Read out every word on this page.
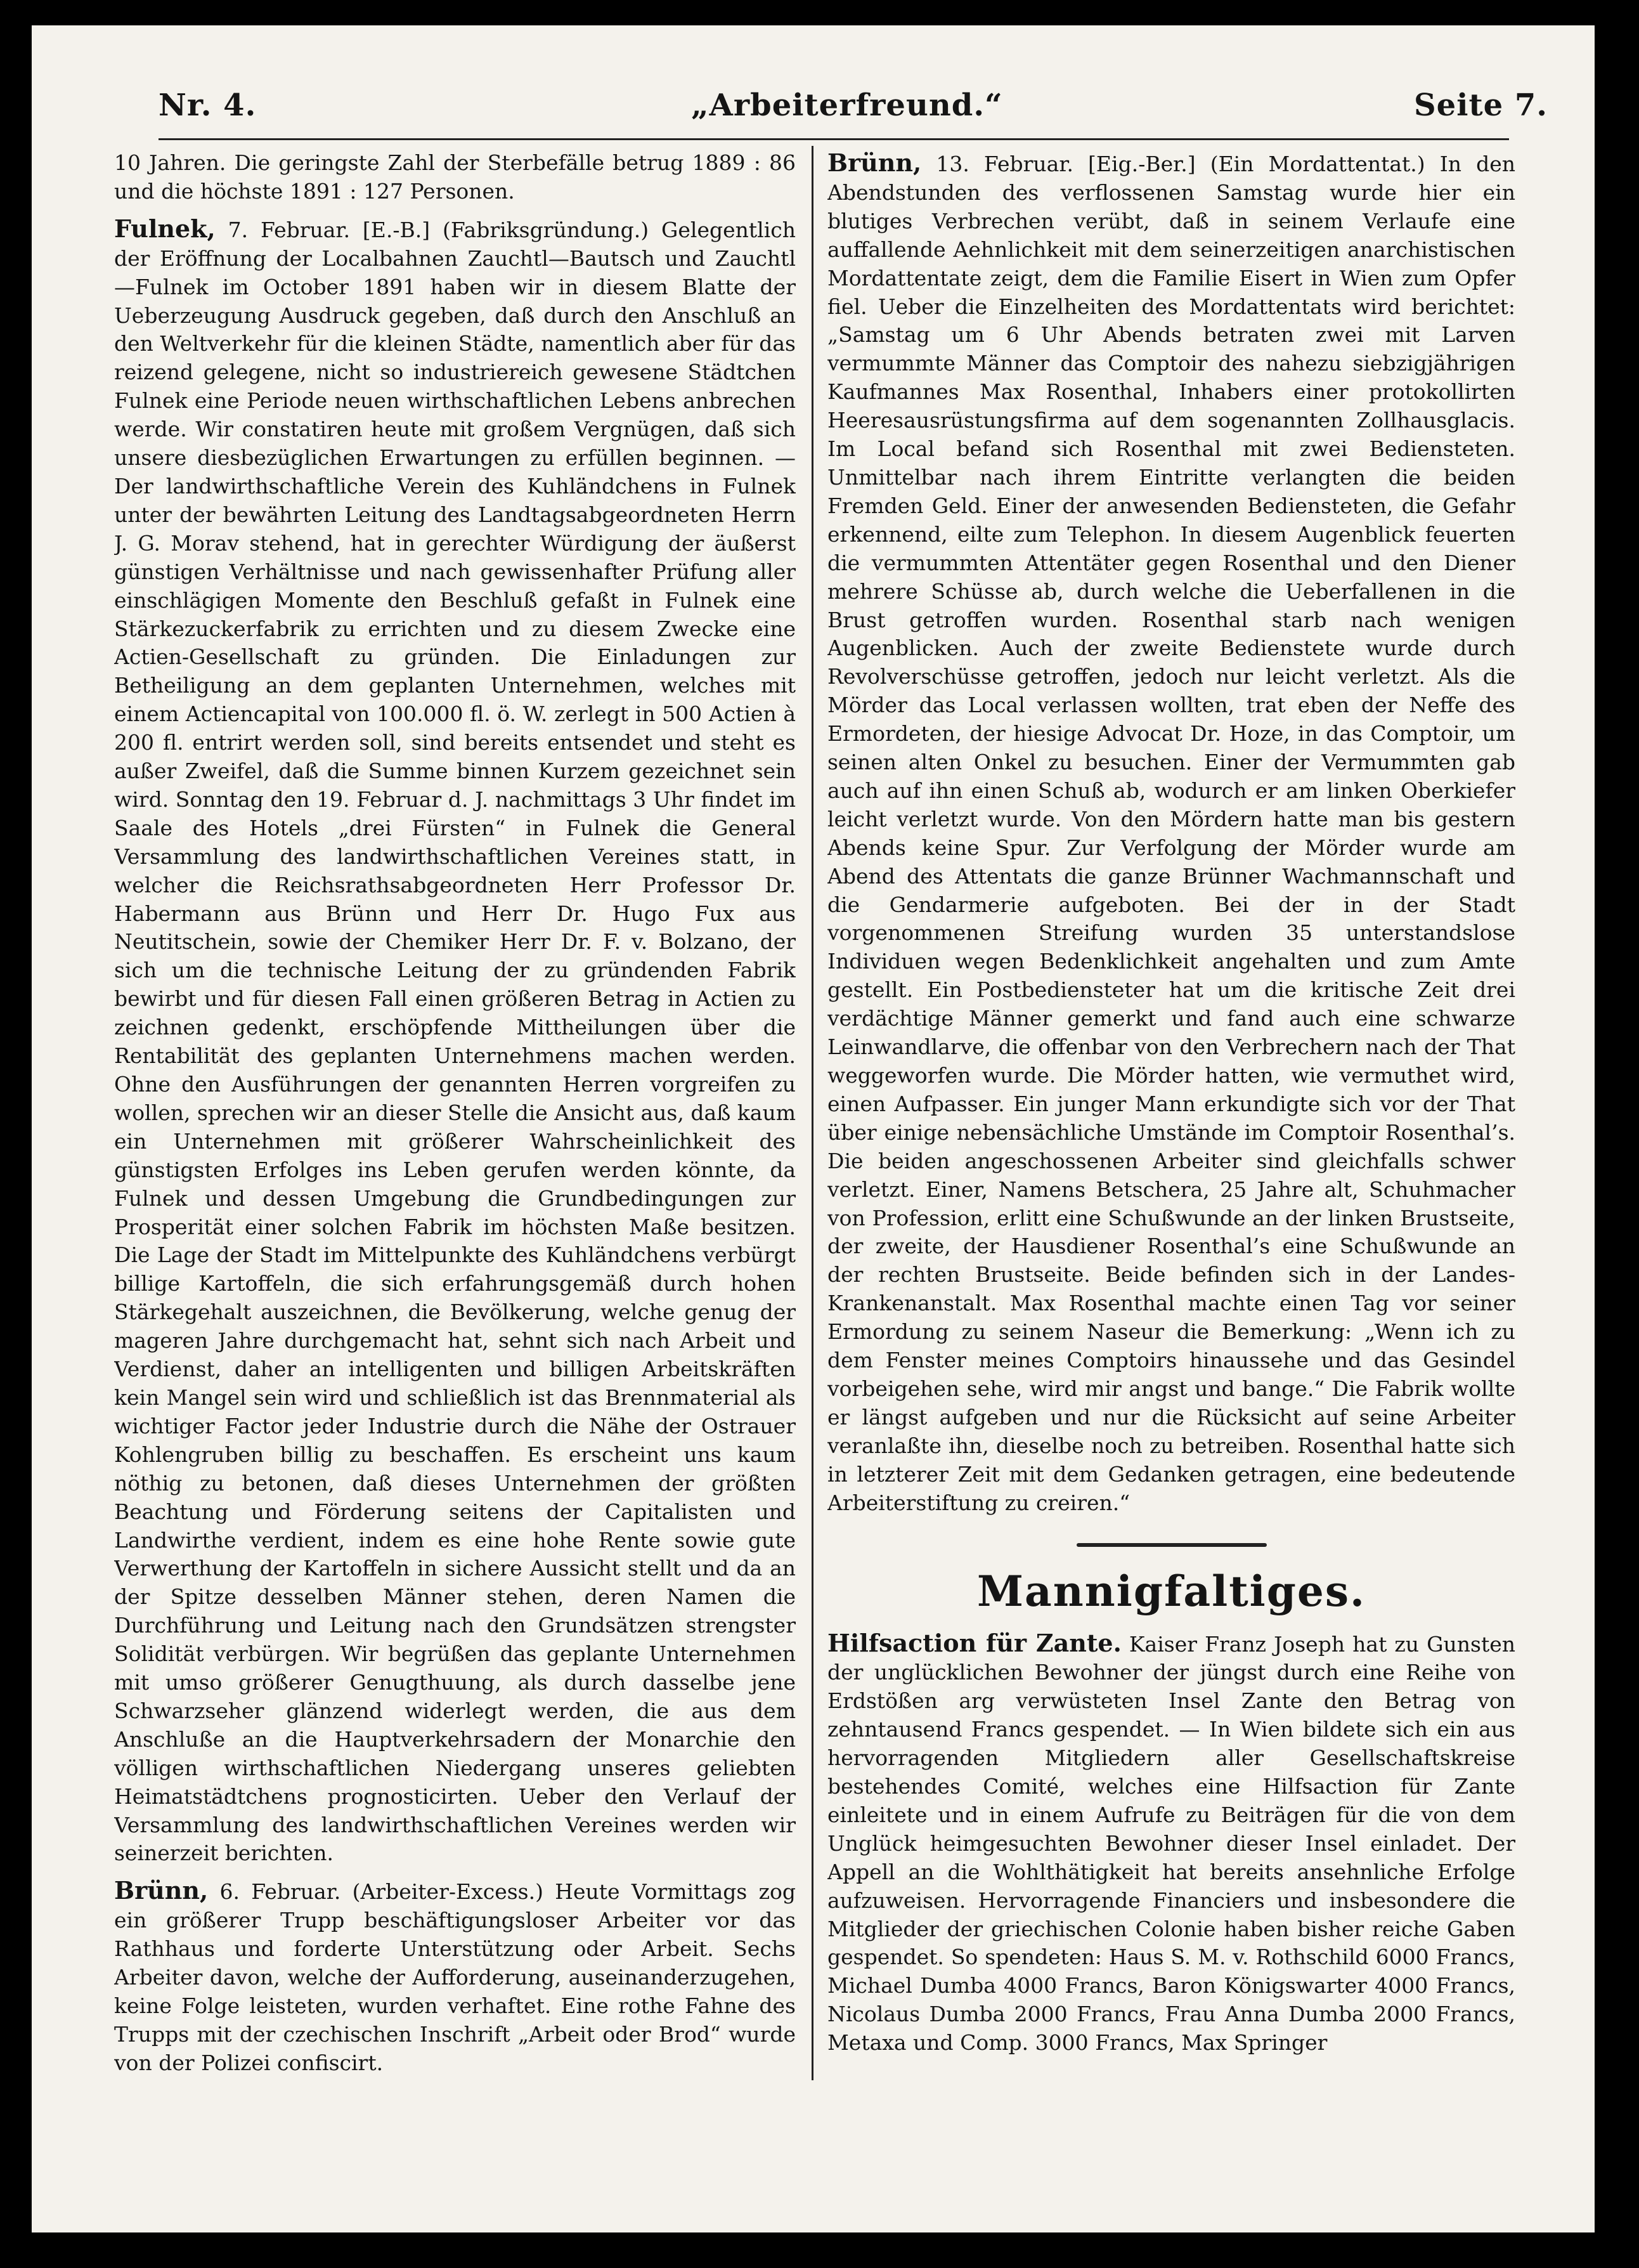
Nr. 4.	„Arbeiterfreund.“	Seite 7.

10 Jahren. Die geringste Zahl der Sterbefälle betrug 1889 : 86 und die höchste 1891 : 127 Personen.

Fulnek, 7. Februar. [E.-B.] (Fabriksgründung.) Gelegentlich der Eröffnung der Localbahnen Zauchtl—Bautsch und Zauchtl—Fulnek im October 1891 haben wir in diesem Blatte der Ueberzeugung Ausdruck gegeben, daß durch den Anschluß an den Weltverkehr für die kleinen Städte, namentlich aber für das reizend gelegene, nicht so industriereich gewesene Städtchen Fulnek eine Periode neuen wirthschaftlichen Lebens anbrechen werde. Wir constatiren heute mit großem Vergnügen, daß sich unsere diesbezüglichen Erwartungen zu erfüllen beginnen. — Der landwirthschaftliche Verein des Kuhländchens in Fulnek unter der bewährten Leitung des Landtagsabgeordneten Herrn J. G. Morav stehend, hat in gerechter Würdigung der äußerst günstigen Verhältnisse und nach gewissenhafter Prüfung aller einschlägigen Momente den Beschluß gefaßt in Fulnek eine Stärkezuckerfabrik zu errichten und zu diesem Zwecke eine Actien-Gesellschaft zu gründen. Die Einladungen zur Betheiligung an dem geplanten Unternehmen, welches mit einem Actiencapital von 100.000 fl. ö. W. zerlegt in 500 Actien à 200 fl. entrirt werden soll, sind bereits entsendet und steht es außer Zweifel, daß die Summe binnen Kurzem gezeichnet sein wird. Sonntag den 19. Februar d. J. nachmittags 3 Uhr findet im Saale des Hotels „drei Fürsten“ in Fulnek die General Versammlung des landwirthschaftlichen Vereines statt, in welcher die Reichsrathsabgeordneten Herr Professor Dr. Habermann aus Brünn und Herr Dr. Hugo Fux aus Neutitschein, sowie der Chemiker Herr Dr. F. v. Bolzano, der sich um die technische Leitung der zu gründenden Fabrik bewirbt und für diesen Fall einen größeren Betrag in Actien zu zeichnen gedenkt, erschöpfende Mittheilungen über die Rentabilität des geplanten Unternehmens machen werden. Ohne den Ausführungen der genannten Herren vorgreifen zu wollen, sprechen wir an dieser Stelle die Ansicht aus, daß kaum ein Unternehmen mit größerer Wahrscheinlichkeit des günstigsten Erfolges ins Leben gerufen werden könnte, da Fulnek und dessen Umgebung die Grundbedingungen zur Prosperität einer solchen Fabrik im höchsten Maße besitzen. Die Lage der Stadt im Mittelpunkte des Kuhländchens verbürgt billige Kartoffeln, die sich erfahrungsgemäß durch hohen Stärkegehalt auszeichnen, die Bevölkerung, welche genug der mageren Jahre durchgemacht hat, sehnt sich nach Arbeit und Verdienst, daher an intelligenten und billigen Arbeitskräften kein Mangel sein wird und schließlich ist das Brennmaterial als wichtiger Factor jeder Industrie durch die Nähe der Ostrauer Kohlengruben billig zu beschaffen. Es erscheint uns kaum nöthig zu betonen, daß dieses Unternehmen der größten Beachtung und Förderung seitens der Capitalisten und Landwirthe verdient, indem es eine hohe Rente sowie gute Verwerthung der Kartoffeln in sichere Aussicht stellt und da an der Spitze desselben Männer stehen, deren Namen die Durchführung und Leitung nach den Grundsätzen strengster Solidität verbürgen. Wir begrüßen das geplante Unternehmen mit umso größerer Genugthuung, als durch dasselbe jene Schwarzseher glänzend widerlegt werden, die aus dem Anschluße an die Hauptverkehrsadern der Monarchie den völligen wirthschaftlichen Niedergang unseres geliebten Heimatstädtchens prognosticirten. Ueber den Verlauf der Versammlung des landwirthschaftlichen Vereines werden wir seinerzeit berichten.

Brünn, 6. Februar. (Arbeiter-Excess.) Heute Vormittags zog ein größerer Trupp beschäftigungsloser Arbeiter vor das Rathhaus und forderte Unterstützung oder Arbeit. Sechs Arbeiter davon, welche der Aufforderung, auseinanderzugehen, keine Folge leisteten, wurden verhaftet. Eine rothe Fahne des Trupps mit der czechischen Inschrift „Arbeit oder Brod“ wurde von der Polizei confiscirt.

Brünn, 13. Februar. [Eig.-Ber.] (Ein Mordattentat.) In den Abendstunden des verflossenen Samstag wurde hier ein blutiges Verbrechen verübt, daß in seinem Verlaufe eine auffallende Aehnlichkeit mit dem seinerzeitigen anarchistischen Mordattentate zeigt, dem die Familie Eisert in Wien zum Opfer fiel. Ueber die Einzelheiten des Mordattentats wird berichtet: „Samstag um 6 Uhr Abends betraten zwei mit Larven vermummte Männer das Comptoir des nahezu siebzigjährigen Kaufmannes Max Rosenthal, Inhabers einer protokollirten Heeresausrüstungsfirma auf dem sogenannten Zollhausglacis. Im Local befand sich Rosenthal mit zwei Bediensteten. Unmittelbar nach ihrem Eintritte verlangten die beiden Fremden Geld. Einer der anwesenden Bediensteten, die Gefahr erkennend, eilte zum Telephon. In diesem Augenblick feuerten die vermummten Attentäter gegen Rosenthal und den Diener mehrere Schüsse ab, durch welche die Ueberfallenen in die Brust getroffen wurden. Rosenthal starb nach wenigen Augenblicken. Auch der zweite Bedienstete wurde durch Revolverschüsse getroffen, jedoch nur leicht verletzt. Als die Mörder das Local verlassen wollten, trat eben der Neffe des Ermordeten, der hiesige Advocat Dr. Hoze, in das Comptoir, um seinen alten Onkel zu besuchen. Einer der Vermummten gab auch auf ihn einen Schuß ab, wodurch er am linken Oberkiefer leicht verletzt wurde. Von den Mördern hatte man bis gestern Abends keine Spur. Zur Verfolgung der Mörder wurde am Abend des Attentats die ganze Brünner Wachmannschaft und die Gendarmerie aufgeboten. Bei der in der Stadt vorgenommenen Streifung wurden 35 unterstandslose Individuen wegen Bedenklichkeit angehalten und zum Amte gestellt. Ein Postbediensteter hat um die kritische Zeit drei verdächtige Männer gemerkt und fand auch eine schwarze Leinwandlarve, die offenbar von den Verbrechern nach der That weggeworfen wurde. Die Mörder hatten, wie vermuthet wird, einen Aufpasser. Ein junger Mann erkundigte sich vor der That über einige nebensächliche Umstände im Comptoir Rosenthal’s. Die beiden angeschossenen Arbeiter sind gleichfalls schwer verletzt. Einer, Namens Betschera, 25 Jahre alt, Schuhmacher von Profession, erlitt eine Schußwunde an der linken Brustseite, der zweite, der Hausdiener Rosenthal’s eine Schußwunde an der rechten Brustseite. Beide befinden sich in der Landes-Krankenanstalt. Max Rosenthal machte einen Tag vor seiner Ermordung zu seinem Naseur die Bemerkung: „Wenn ich zu dem Fenster meines Comptoirs hinaussehe und das Gesindel vorbeigehen sehe, wird mir angst und bange.“ Die Fabrik wollte er längst aufgeben und nur die Rücksicht auf seine Arbeiter veranlaßte ihn, dieselbe noch zu betreiben. Rosenthal hatte sich in letzterer Zeit mit dem Gedanken getragen, eine bedeutende Arbeiterstiftung zu creiren.“

Mannigfaltiges.

Hilfsaction für Zante. Kaiser Franz Joseph hat zu Gunsten der unglücklichen Bewohner der jüngst durch eine Reihe von Erdstößen arg verwüsteten Insel Zante den Betrag von zehntausend Francs gespendet. — In Wien bildete sich ein aus hervorragenden Mitgliedern aller Gesellschaftskreise bestehendes Comité, welches eine Hilfsaction für Zante einleitete und in einem Aufrufe zu Beiträgen für die von dem Unglück heimgesuchten Bewohner dieser Insel einladet. Der Appell an die Wohlthätigkeit hat bereits ansehnliche Erfolge aufzuweisen. Hervorragende Financiers und insbesondere die Mitglieder der griechischen Colonie haben bisher reiche Gaben gespendet. So spendeten: Haus S. M. v. Rothschild 6000 Francs, Michael Dumba 4000 Francs, Baron Königswarter 4000 Francs, Nicolaus Dumba 2000 Francs, Frau Anna Dumba 2000 Francs, Metaxa und Comp. 3000 Francs, Max Springer
